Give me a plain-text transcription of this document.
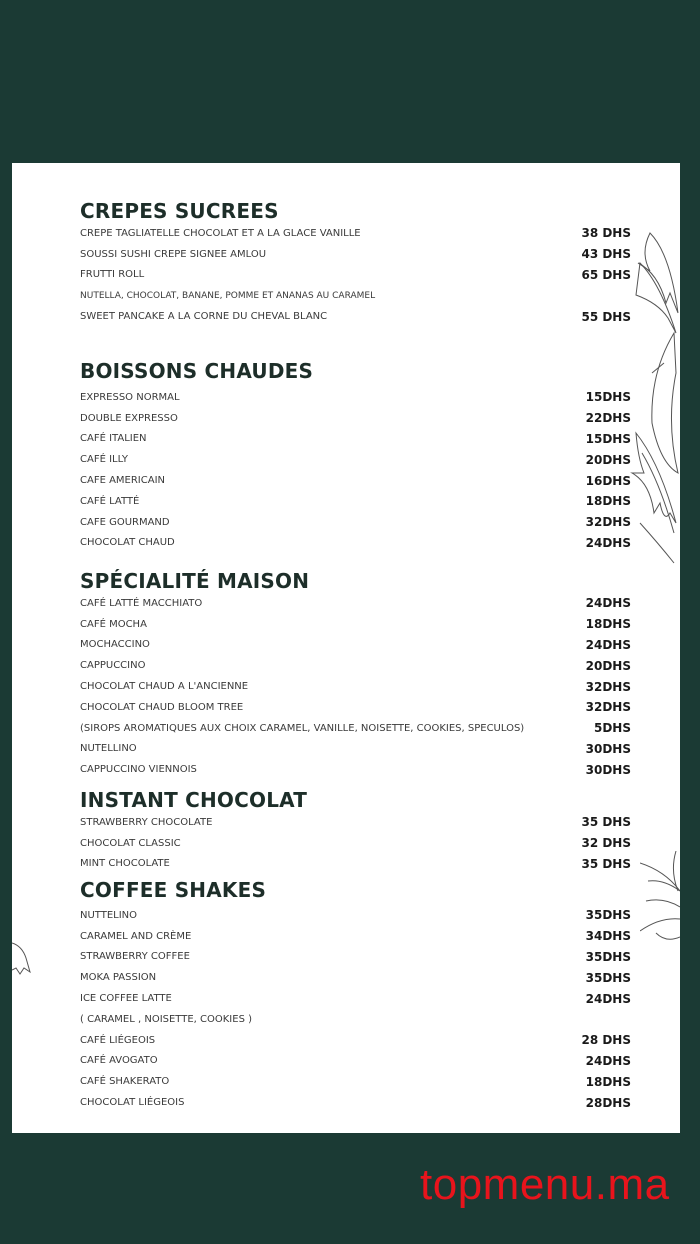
CREPES SUCREES
CREPE TAGLIATELLE CHOCOLAT ET A LA GLACE VANILLE	38 DHS
SOUSSI SUSHI CREPE SIGNEE AMLOU	43 DHS
FRUTTI ROLL	65 DHS
NUTELLA, CHOCOLAT, BANANE, POMME ET ANANAS AU CARAMEL
SWEET PANCAKE A LA CORNE DU CHEVAL BLANC	55 DHS
BOISSONS CHAUDES
EXPRESSO NORMAL	15DHS
DOUBLE EXPRESSO	22DHS
CAFÉ ITALIEN	15DHS
CAFÉ ILLY	20DHS
CAFE AMERICAIN	16DHS
CAFÉ LATTÉ	18DHS
CAFE GOURMAND	32DHS
CHOCOLAT CHAUD	24DHS
SPÉCIALITÉ MAISON
CAFÉ LATTÉ MACCHIATO	24DHS
CAFÉ MOCHA	18DHS
MOCHACCINO	24DHS
CAPPUCCINO	20DHS
CHOCOLAT CHAUD A L'ANCIENNE	32DHS
CHOCOLAT CHAUD BLOOM TREE	32DHS
(SIROPS AROMATIQUES AUX CHOIX CARAMEL, VANILLE, NOISETTE, COOKIES, SPECULOS)	5DHS
NUTELLINO	30DHS
CAPPUCCINO VIENNOIS	30DHS
INSTANT CHOCOLAT
STRAWBERRY CHOCOLATE	35 DHS
CHOCOLAT CLASSIC	32 DHS
MINT CHOCOLATE	35 DHS
COFFEE SHAKES
NUTTELINO	35DHS
CARAMEL AND CRÈME	34DHS
STRAWBERRY COFFEE	35DHS
MOKA PASSION	35DHS
ICE COFFEE LATTE	24DHS
( CARAMEL , NOISETTE, COOKIES )
CAFÉ LIÉGEOIS	28 DHS
CAFÉ AVOGATO	24DHS
CAFÉ SHAKERATO	18DHS
CHOCOLAT LIÉGEOIS	28DHS
topmenu.ma
